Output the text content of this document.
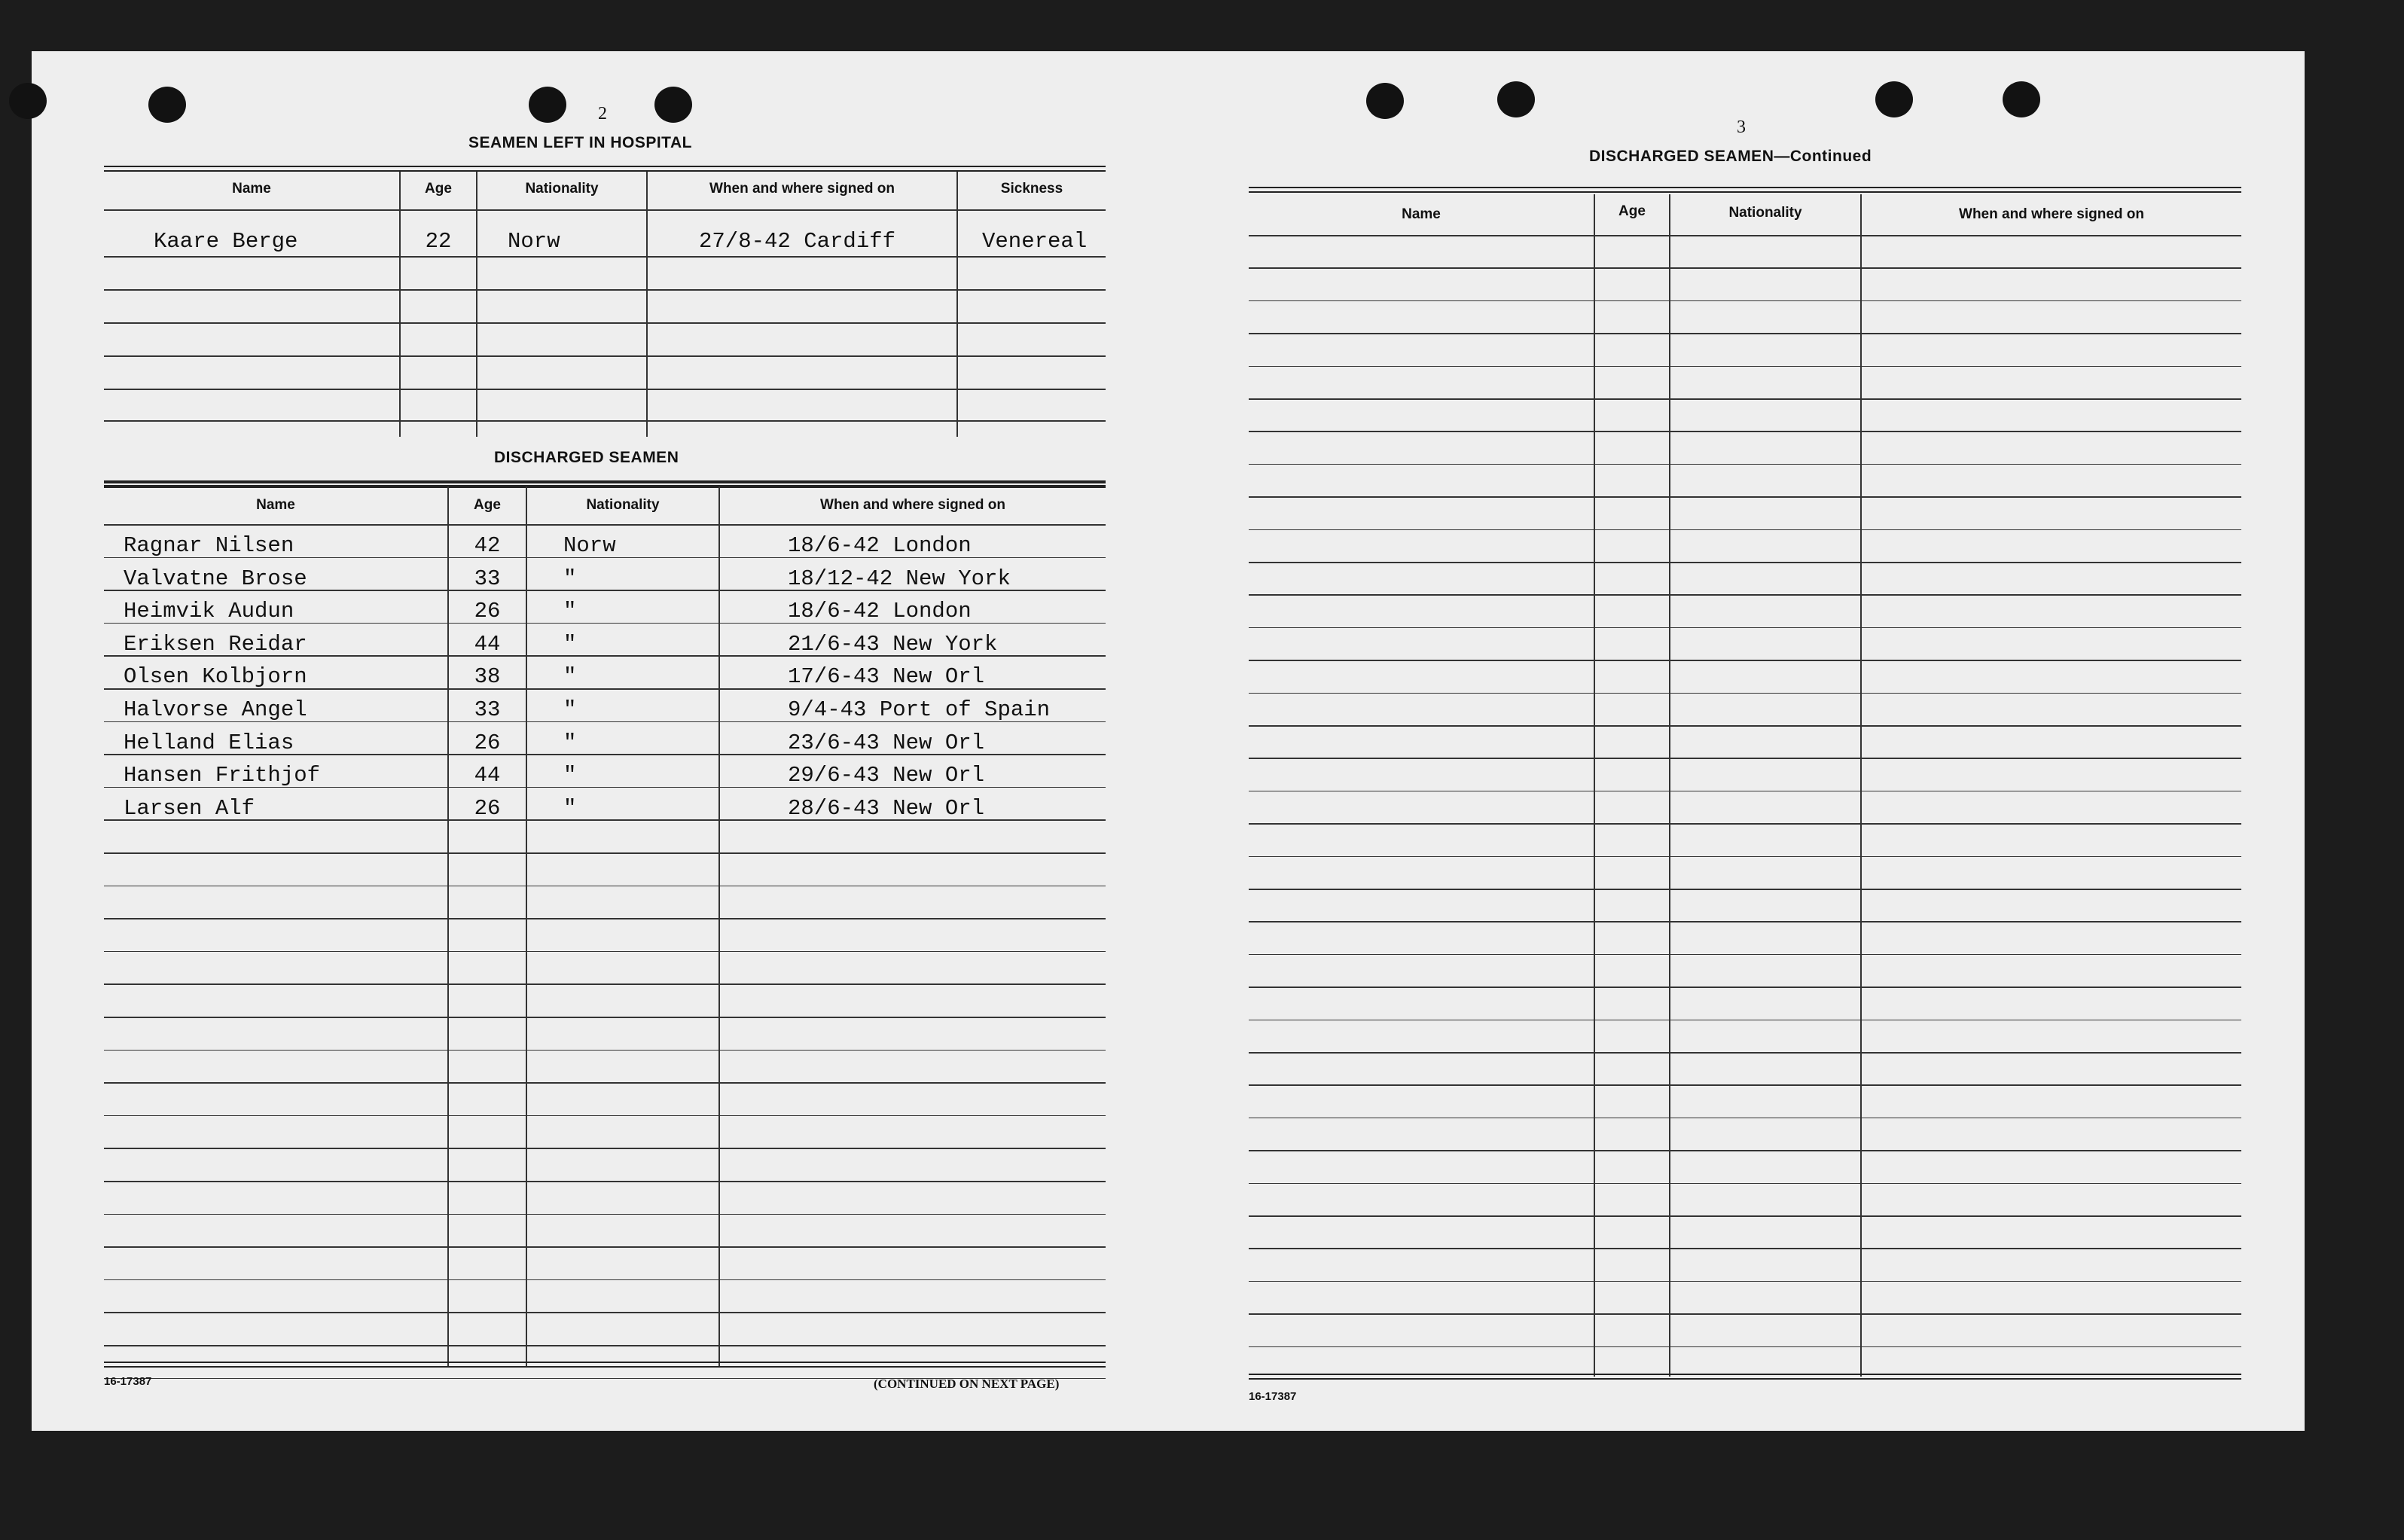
2
SEAMEN LEFT IN HOSPITAL
Name	Age	Nationality	When and where signed on	Sickness
Kaare Berge	22	Norw	27/8-42 Cardiff	Venereal
DISCHARGED SEAMEN
Name	Age	Nationality	When and where signed on
Ragnar Nilsen	42	Norw	18/6-42 London
Valvatne Brose	33	"	18/12-42 New York
Heimvik Audun	26	"	18/6-42 London
Eriksen Reidar	44	"	21/6-43 New York
Olsen Kolbjorn	38	"	17/6-43 New Orl
Halvorse Angel	33	"	9/4-43 Port of Spain
Helland Elias	26	"	23/6-43 New Orl
Hansen Frithjof	44	"	29/6-43 New Orl
Larsen Alf	26	"	28/6-43 New Orl
16-17387	(CONTINUED ON NEXT PAGE)
3
DISCHARGED SEAMEN—Continued
Name	Age	Nationality	When and where signed on
16-17387
